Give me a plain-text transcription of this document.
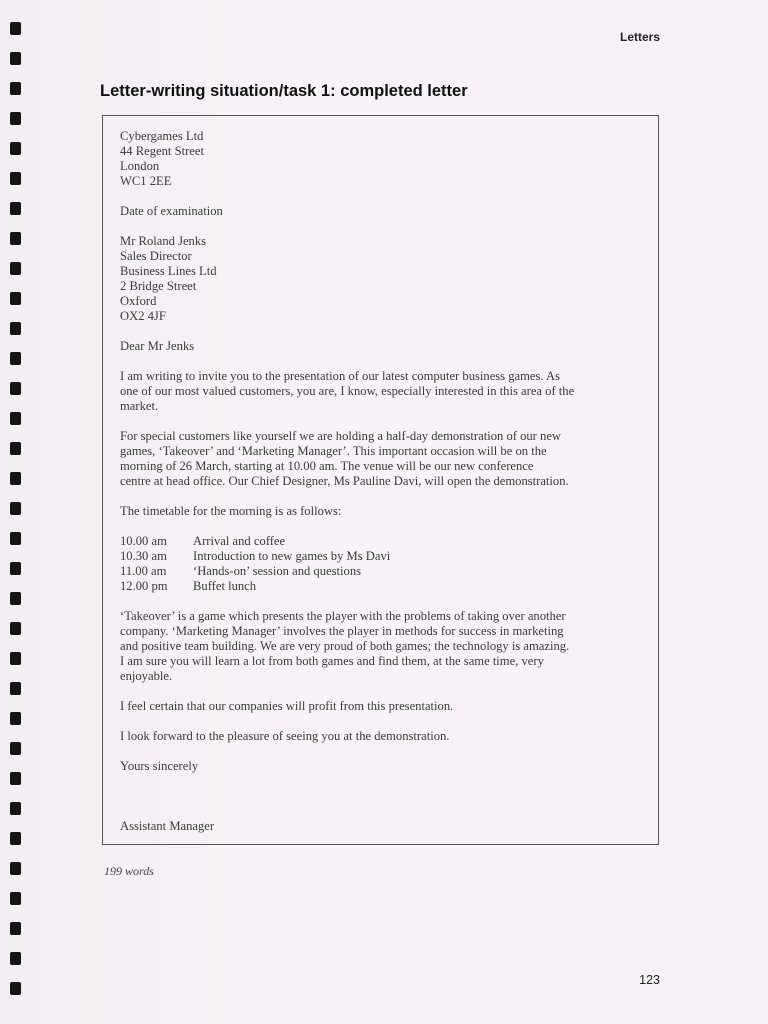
Letters
Letter-writing situation/task 1: completed letter
Cybergames Ltd
44 Regent Street
London
WC1 2EE
Date of examination
Mr Roland Jenks
Sales Director
Business Lines Ltd
2 Bridge Street
Oxford
OX2 4JF
Dear Mr Jenks
I am writing to invite you to the presentation of our latest computer business games. As
one of our most valued customers, you are, I know, especially interested in this area of the
market.
For special customers like yourself we are holding a half-day demonstration of our new
games, ‘Takeover’ and ‘Marketing Manager’. This important occasion will be on the
morning of 26 March, starting at 10.00 am. The venue will be our new conference
centre at head office. Our Chief Designer, Ms Pauline Davi, will open the demonstration.
The timetable for the morning is as follows:
10.00 am Arrival and coffee
10.30 am Introduction to new games by Ms Davi
11.00 am ‘Hands-on’ session and questions
12.00 pm Buffet lunch
‘Takeover’ is a game which presents the player with the problems of taking over another
company. ‘Marketing Manager’ involves the player in methods for success in marketing
and positive team building. We are very proud of both games; the technology is amazing.
I am sure you will learn a lot from both games and find them, at the same time, very
enjoyable.
I feel certain that our companies will profit from this presentation.
I look forward to the pleasure of seeing you at the demonstration.
Yours sincerely
Assistant Manager
199 words
123
